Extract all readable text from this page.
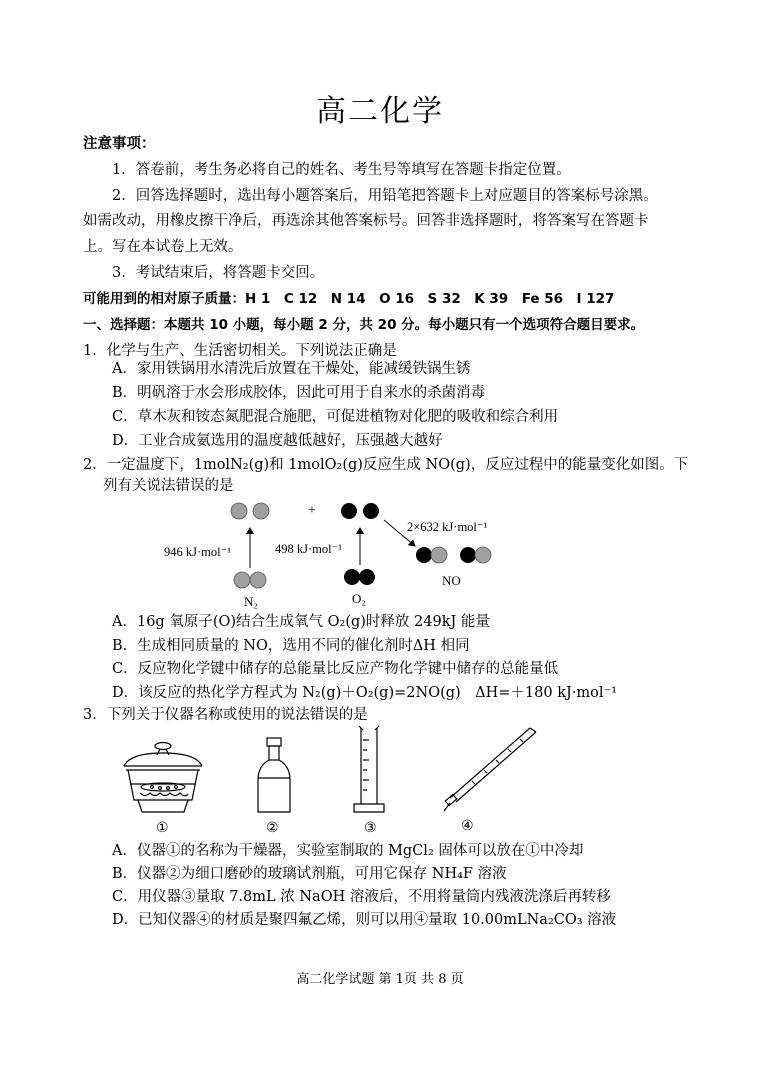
高二化学
注意事项：
1．答卷前，考生务必将自己的姓名、考生号等填写在答题卡指定位置。
2．回答选择题时，选出每小题答案后，用铅笔把答题卡上对应题目的答案标号涂黑。
如需改动，用橡皮擦干净后，再选涂其他答案标号。回答非选择题时，将答案写在答题卡
上。写在本试卷上无效。
3．考试结束后，将答题卡交回。
可能用到的相对原子质量：H 1　C 12　N 14　O 16　S 32　K 39　Fe 56　I 127
一、选择题：本题共 10 小题，每小题 2 分，共 20 分。每小题只有一个选项符合题目要求。
1．化学与生产、生活密切相关。下列说法正确是
A．家用铁锅用水清洗后放置在干燥处，能减缓铁锅生锈
B．明矾溶于水会形成胶体，因此可用于自来水的杀菌消毒
C．草木灰和铵态氮肥混合施肥，可促进植物对化肥的吸收和综合利用
D．工业合成氨选用的温度越低越好，压强越大越好
2．一定温度下，1molN₂(g)和 1molO₂(g)反应生成 NO(g)，反应过程中的能量变化如图。下
列有关说法错误的是
+
946 kJ·mol⁻¹	498 kJ·mol⁻¹
2×632 kJ·mol⁻¹
N₂	O₂
NO
①	②	③	④
A．16g 氧原子(O)结合生成氧气 O₂(g)时释放 249kJ 能量
B．生成相同质量的 NO，选用不同的催化剂时ΔH 相同
C．反应物化学键中储存的总能量比反应产物化学键中储存的总能量低
D．该反应的热化学方程式为 N₂(g)＋O₂(g)=2NO(g)　ΔH=＋180 kJ·mol⁻¹
3．下列关于仪器名称或使用的说法错误的是
A．仪器①的名称为干燥器，实验室制取的 MgCl₂ 固体可以放在①中冷却
B．仪器②为细口磨砂的玻璃试剂瓶，可用它保存 NH₄F 溶液
C．用仪器③量取 7.8mL 浓 NaOH 溶液后，不用将量筒内残液洗涤后再转移
D．已知仪器④的材质是聚四氟乙烯，则可以用④量取 10.00mLNa₂CO₃ 溶液
高二化学试题 第 1页 共 8 页
